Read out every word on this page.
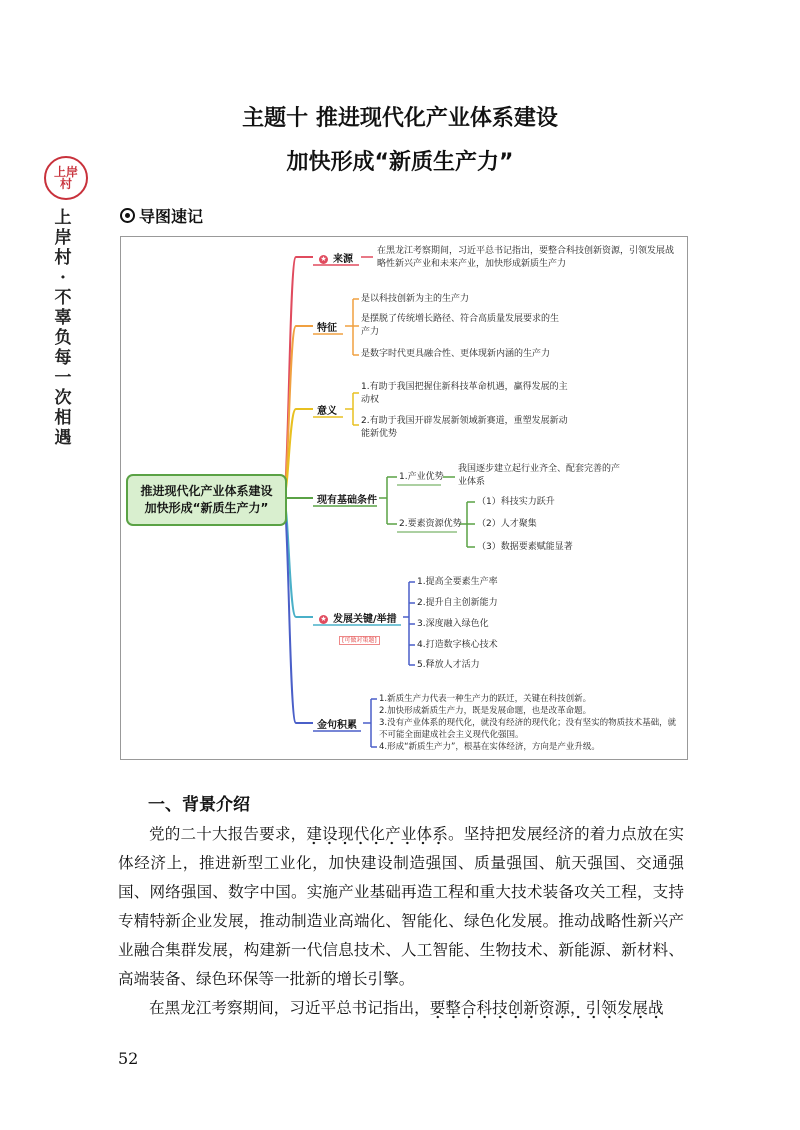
上岸村
上岸村·不辜负每一次相遇
主题十 推进现代化产业体系建设
加快形成“新质生产力”
导图速记
推进现代化产业体系建设
加快形成“新质生产力”
★ 来源
在黑龙江考察期间，习近平总书记指出，要整合科技创新资源，引领发展战略性新兴产业和未来产业，加快形成新质生产力
特征
是以科技创新为主的生产力
是摆脱了传统增长路径、符合高质量发展要求的生产力
是数字时代更具融合性、更体现新内涵的生产力
意义
1.有助于我国把握住新科技革命机遇，赢得发展的主动权
2.有助于我国开辟发展新领域新赛道，重塑发展新动能新优势
现有基础条件
1.产业优势
我国逐步建立起行业齐全、配套完善的产业体系
2.要素资源优势
（1）科技实力跃升
（2）人才聚集
（3）数据要素赋能显著
★ 发展关键/举措
[可做对策题]
1.提高全要素生产率
2.提升自主创新能力
3.深度融入绿色化
4.打造数字核心技术
5.释放人才活力
金句积累
1.新质生产力代表一种生产力的跃迁，关键在科技创新。
2.加快形成新质生产力，既是发展命题，也是改革命题。
3.没有产业体系的现代化，就没有经济的现代化；没有坚实的物质技术基础，就不可能全面建成社会主义现代化强国。
4.形成“新质生产力”，根基在实体经济，方向是产业升级。
一、背景介绍
党的二十大报告要求，建设现代化产业体系。坚持把发展经济的着力点放在实体经济上，推进新型工业化，加快建设制造强国、质量强国、航天强国、交通强国、网络强国、数字中国。实施产业基础再造工程和重大技术装备攻关工程，支持专精特新企业发展，推动制造业高端化、智能化、绿色化发展。推动战略性新兴产业融合集群发展，构建新一代信息技术、人工智能、生物技术、新能源、新材料、高端装备、绿色环保等一批新的增长引擎。
在黑龙江考察期间，习近平总书记指出，要整合科技创新资源，引领发展战
52
